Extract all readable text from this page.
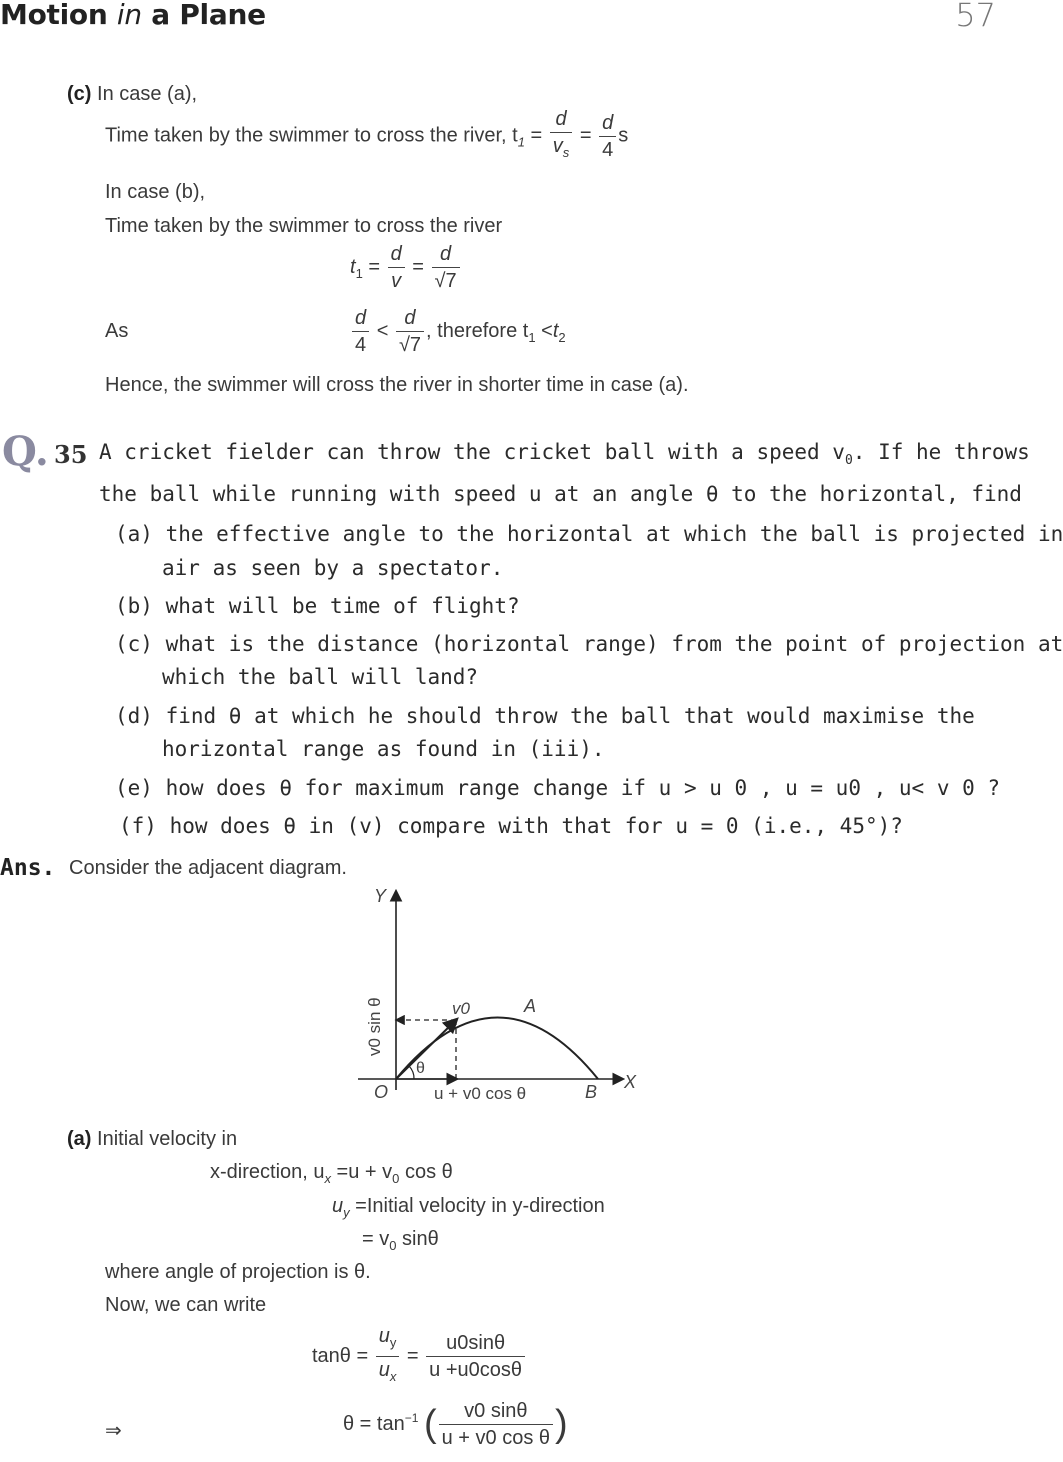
Motion in a Plane	57
(c) In case (a),
Time taken by the swimmer to cross the river, $t_1 = \frac{d}{v_s} = \frac{d}{4}$ s
In case (b),
Time taken by the swimmer to cross the river
$t_1 = \frac{d}{v} = \frac{d}{√7}$
As	$\frac{d}{4} < \frac{d}{√7}$ , therefore $t_1 <t_2$
Hence, the swimmer will cross the river in shorter time in case (a).
Q. 35 A cricket fielder can throw the cricket ball with a speed $v_0$. If he throws
the ball while running with speed u at an angle θ to the horizontal, find
(a) the effective angle to the horizontal at which the ball is projected in
air as seen by a spectator.
(b) what will be time of flight?
(c) what is the distance (horizontal range) from the point of projection at
which the ball will land?
(d) find θ at which he should throw the ball that would maximise the
horizontal range as found in (iii).
(e) how does θ for maximum range change if u > u 0 , u = u0 , u< v 0 ?
(f) how does θ in (v) compare with that for u = 0 (i.e., 45°)?
Ans. Consider the adjacent diagram.
Y
X
O
A
B
v0
θ
v0 sin θ
u + v0 cos θ
(a) Initial velocity in
x-direction, $u_x =u + v_0$ cos θ
$u_y$ =Initial velocity in y-direction
= $v_0$ sinθ
where angle of projection is θ.
Now, we can write
$\tan\theta = \frac{u_y}{u_x} = \frac{u0\sin\theta}{u +u0\cos\theta}$
⇒	$\theta = \tan^{-1}$ ( $\frac{v0 \sin\theta}{\text{u + v0 cos θ}}$ )
